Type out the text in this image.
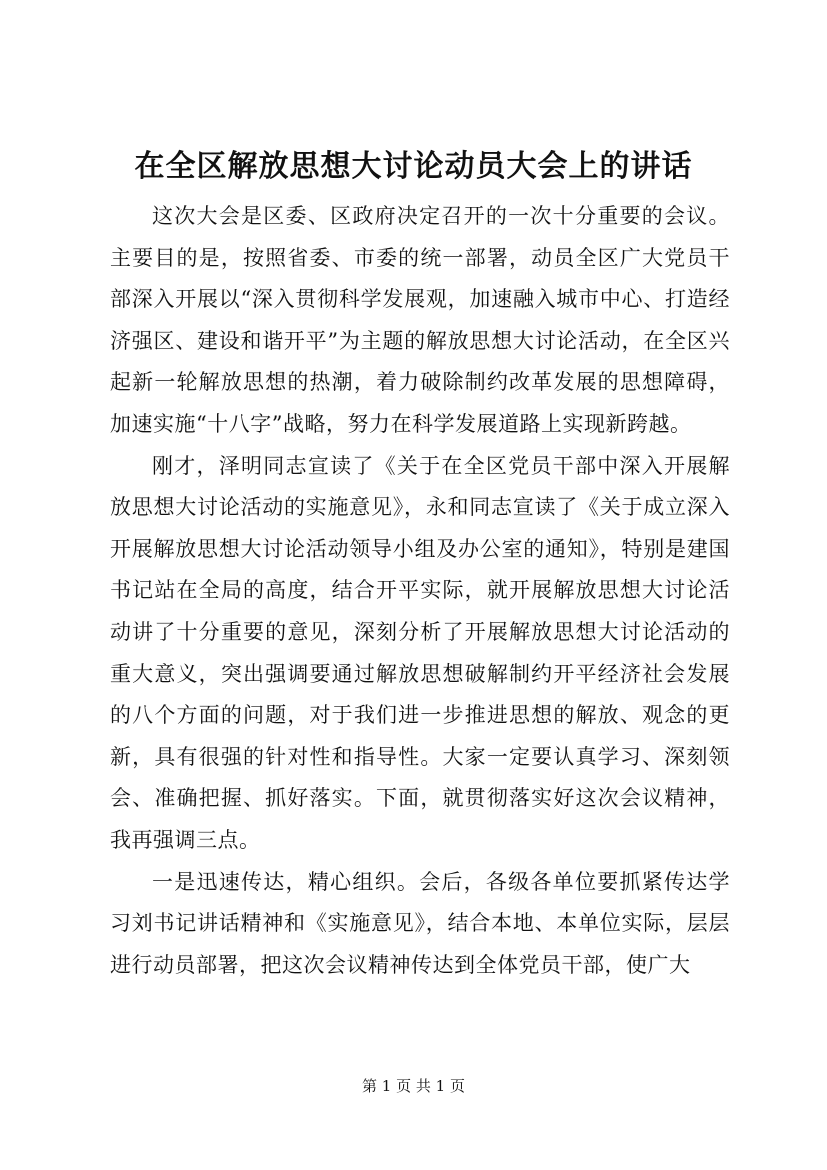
在全区解放思想大讨论动员大会上的讲话

这次大会是区委、区政府决定召开的一次十分重要的会议。主要目的是，按照省委、市委的统一部署，动员全区广大党员干部深入开展以“深入贯彻科学发展观，加速融入城市中心、打造经济强区、建设和谐开平”为主题的解放思想大讨论活动，在全区兴起新一轮解放思想的热潮，着力破除制约改革发展的思想障碍，加速实施“十八字”战略，努力在科学发展道路上实现新跨越。

刚才，泽明同志宣读了《关于在全区党员干部中深入开展解放思想大讨论活动的实施意见》，永和同志宣读了《关于成立深入开展解放思想大讨论活动领导小组及办公室的通知》，特别是建国书记站在全局的高度，结合开平实际，就开展解放思想大讨论活动讲了十分重要的意见，深刻分析了开展解放思想大讨论活动的重大意义，突出强调要通过解放思想破解制约开平经济社会发展的八个方面的问题，对于我们进一步推进思想的解放、观念的更新，具有很强的针对性和指导性。大家一定要认真学习、深刻领会、准确把握、抓好落实。下面，就贯彻落实好这次会议精神，我再强调三点。

一是迅速传达，精心组织。会后，各级各单位要抓紧传达学习刘书记讲话精神和《实施意见》，结合本地、本单位实际，层层进行动员部署，把这次会议精神传达到全体党员干部，使广大

第 1 页 共 1 页
